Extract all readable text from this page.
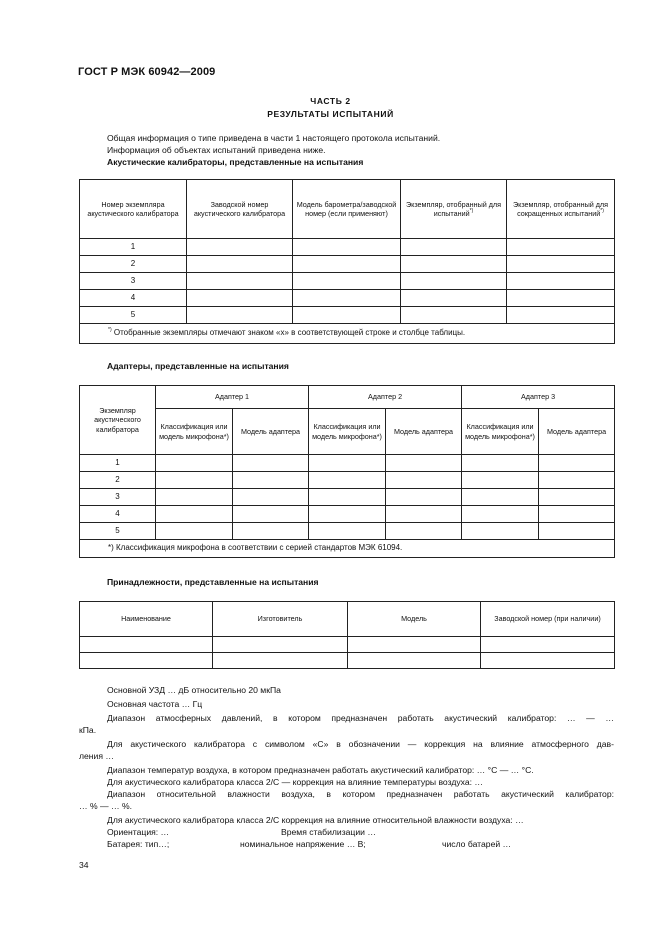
ГОСТ Р МЭК 60942—2009
ЧАСТЬ 2
РЕЗУЛЬТАТЫ ИСПЫТАНИЙ
Общая информация о типе приведена в части 1 настоящего протокола испытаний.
Информация об объектах испытаний приведена ниже.
Акустические калибраторы, представленные на испытания
Номер экземпляра акустического калибратора	Заводской номер акустического калибратора	Модель барометра/заводской номер (если применяют)	Экземпляр, отобранный для испытаний*)	Экземпляр, отобранный для сокращенных испытаний*)
1				
2				
3				
4				
5				
*) Отобранные экземпляры отмечают знаком «x» в соответствующей строке и столбце таблицы.				
Адаптеры, представленные на испытания
Экземпляр акустического калибратора	Адаптер 1		Адаптер 2		Адаптер 3	
	Классификация или модель микрофона*)	Модель адаптера	Классификация или модель микрофона*)	Модель адаптера	Классификация или модель микрофона*)	Модель адаптера
1						
2						
3						
4						
5						
*) Классификация микрофона в соответствии с серией стандартов МЭК 61094.						
Принадлежности, представленные на испытания
Наименование	Изготовитель	Модель	Заводской номер (при наличии)

Основной УЗД … дБ относительно 20 мкПа
Основная частота … Гц
Диапазон атмосферных давлений, в котором предназначен работать акустический калибратор: … — …
кПа.
Для акустического калибратора с символом «С» в обозначении — коррекция на влияние атмосферного дав-
ления …
Диапазон температур воздуха, в котором предназначен работать акустический калибратор: … °C — … °C.
Для акустического калибратора класса 2/С — коррекция на влияние температуры воздуха: …
Диапазон относительной влажности воздуха, в котором предназначен работать акустический калибратор:
… % — … %.
Для акустического калибратора класса 2/С коррекция на влияние относительной влажности воздуха: …
Ориентация: …	Время стабилизации …
Батарея: тип…;	номинальное напряжение … В;	число батарей …
34
